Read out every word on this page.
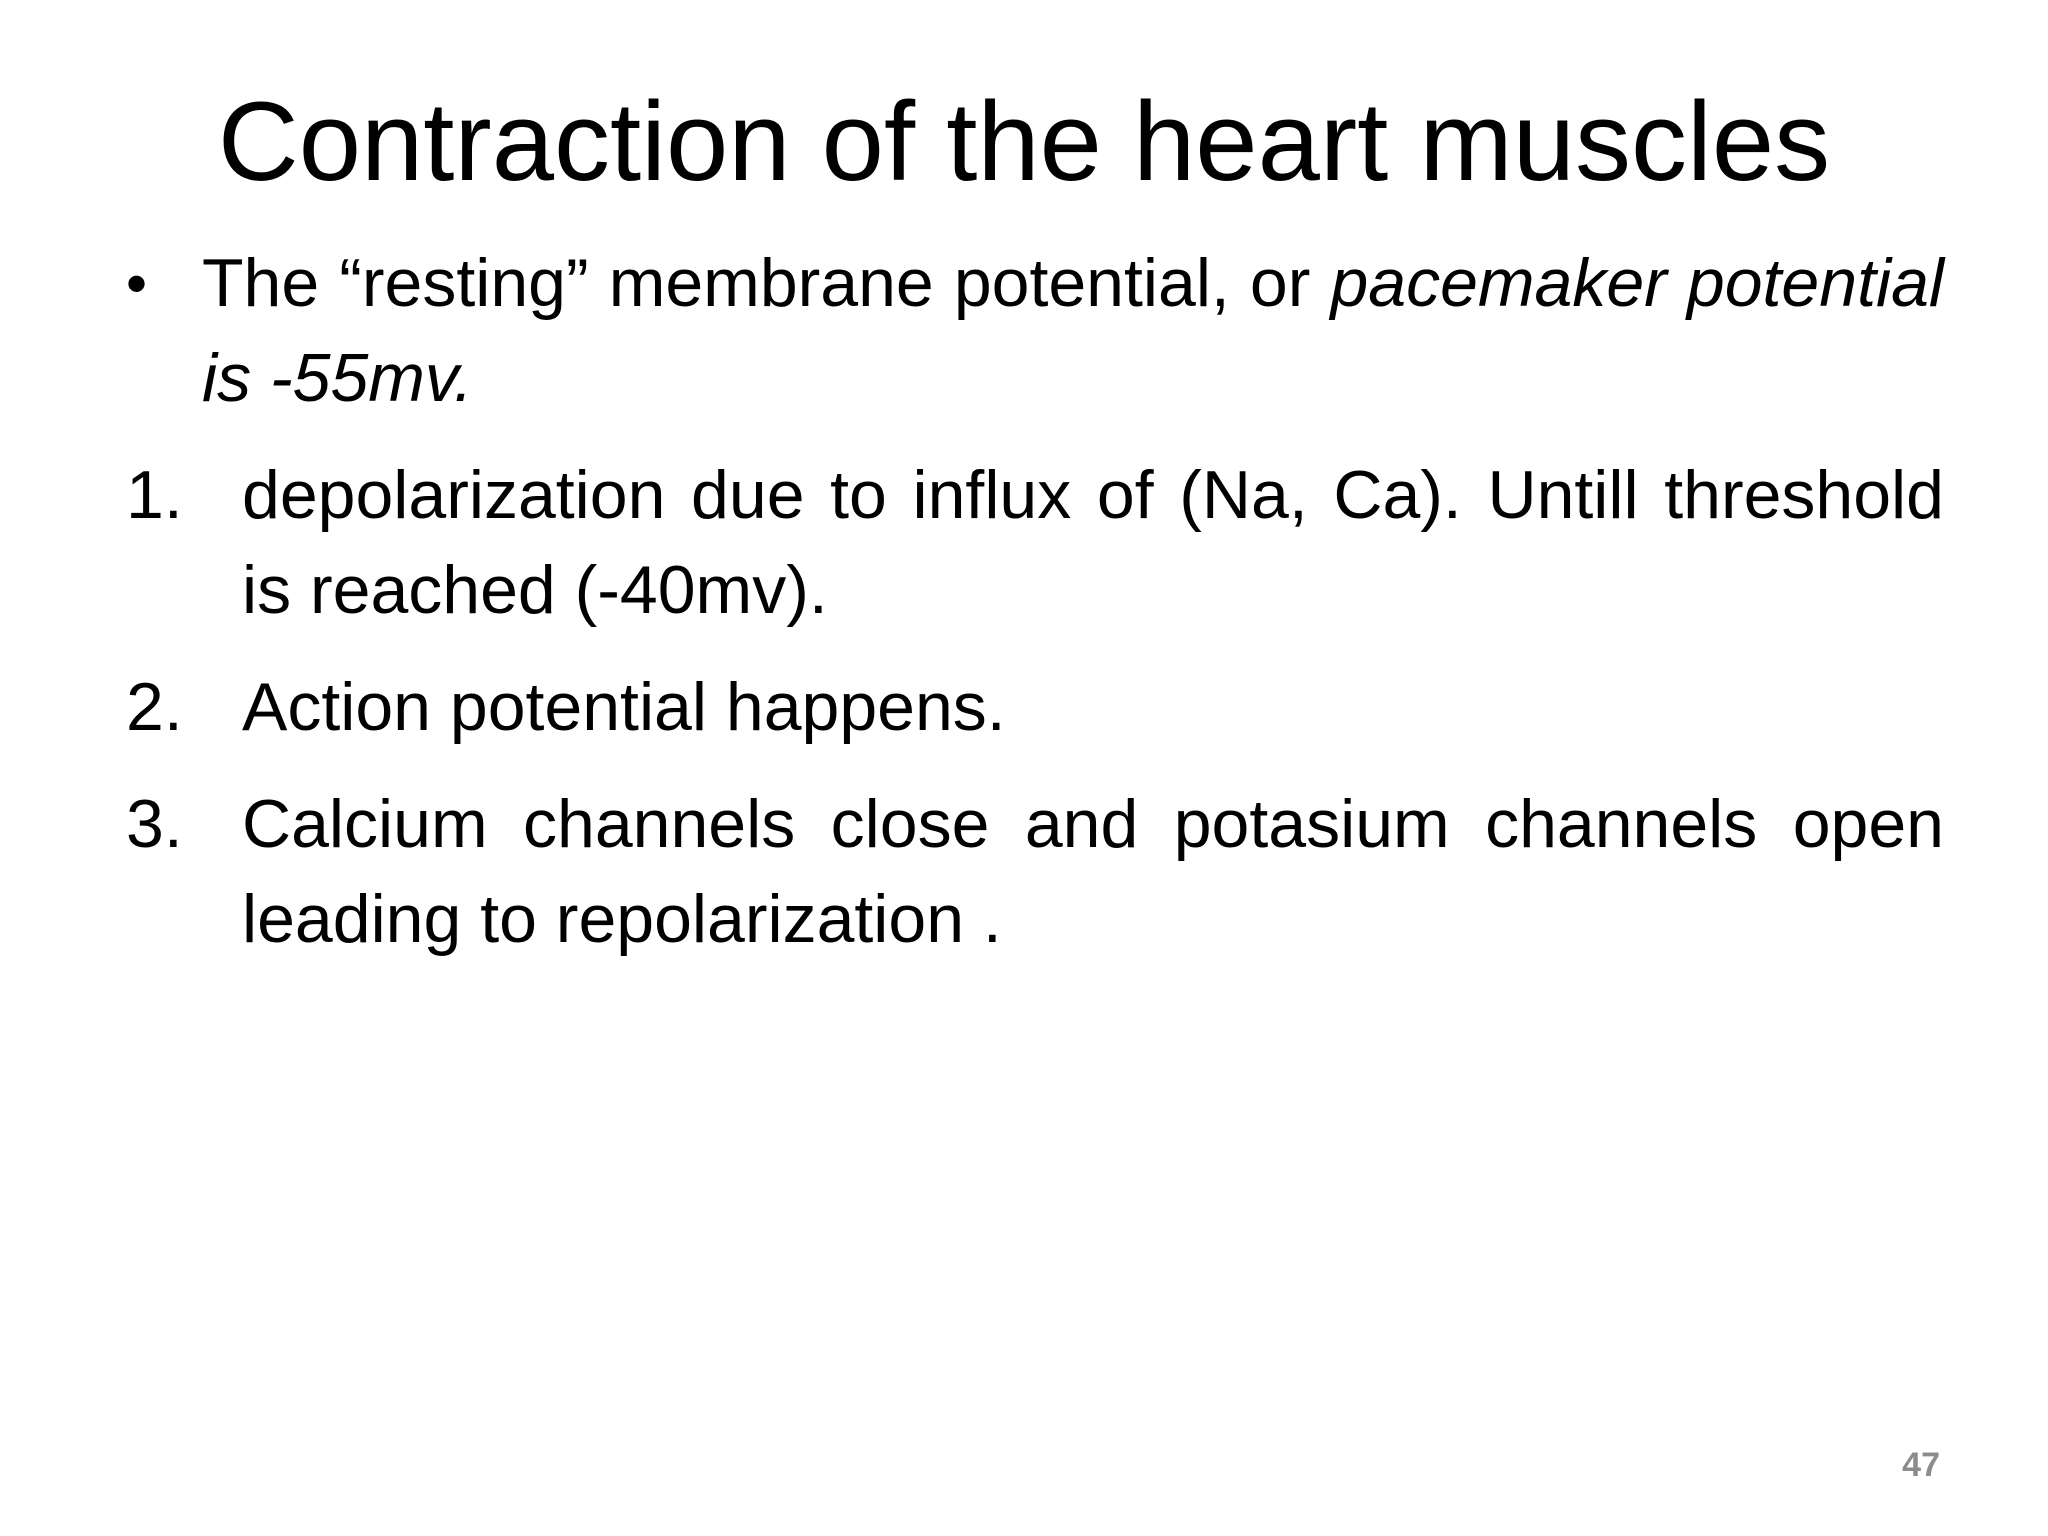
Contraction of the heart muscles
• The “resting” membrane potential, or pacemaker potential is -55mv.
1. depolarization due to influx of (Na, Ca). Untill threshold is reached (-40mv).
2. Action potential happens.
3. Calcium channels close and potasium channels open leading to repolarization .
47
